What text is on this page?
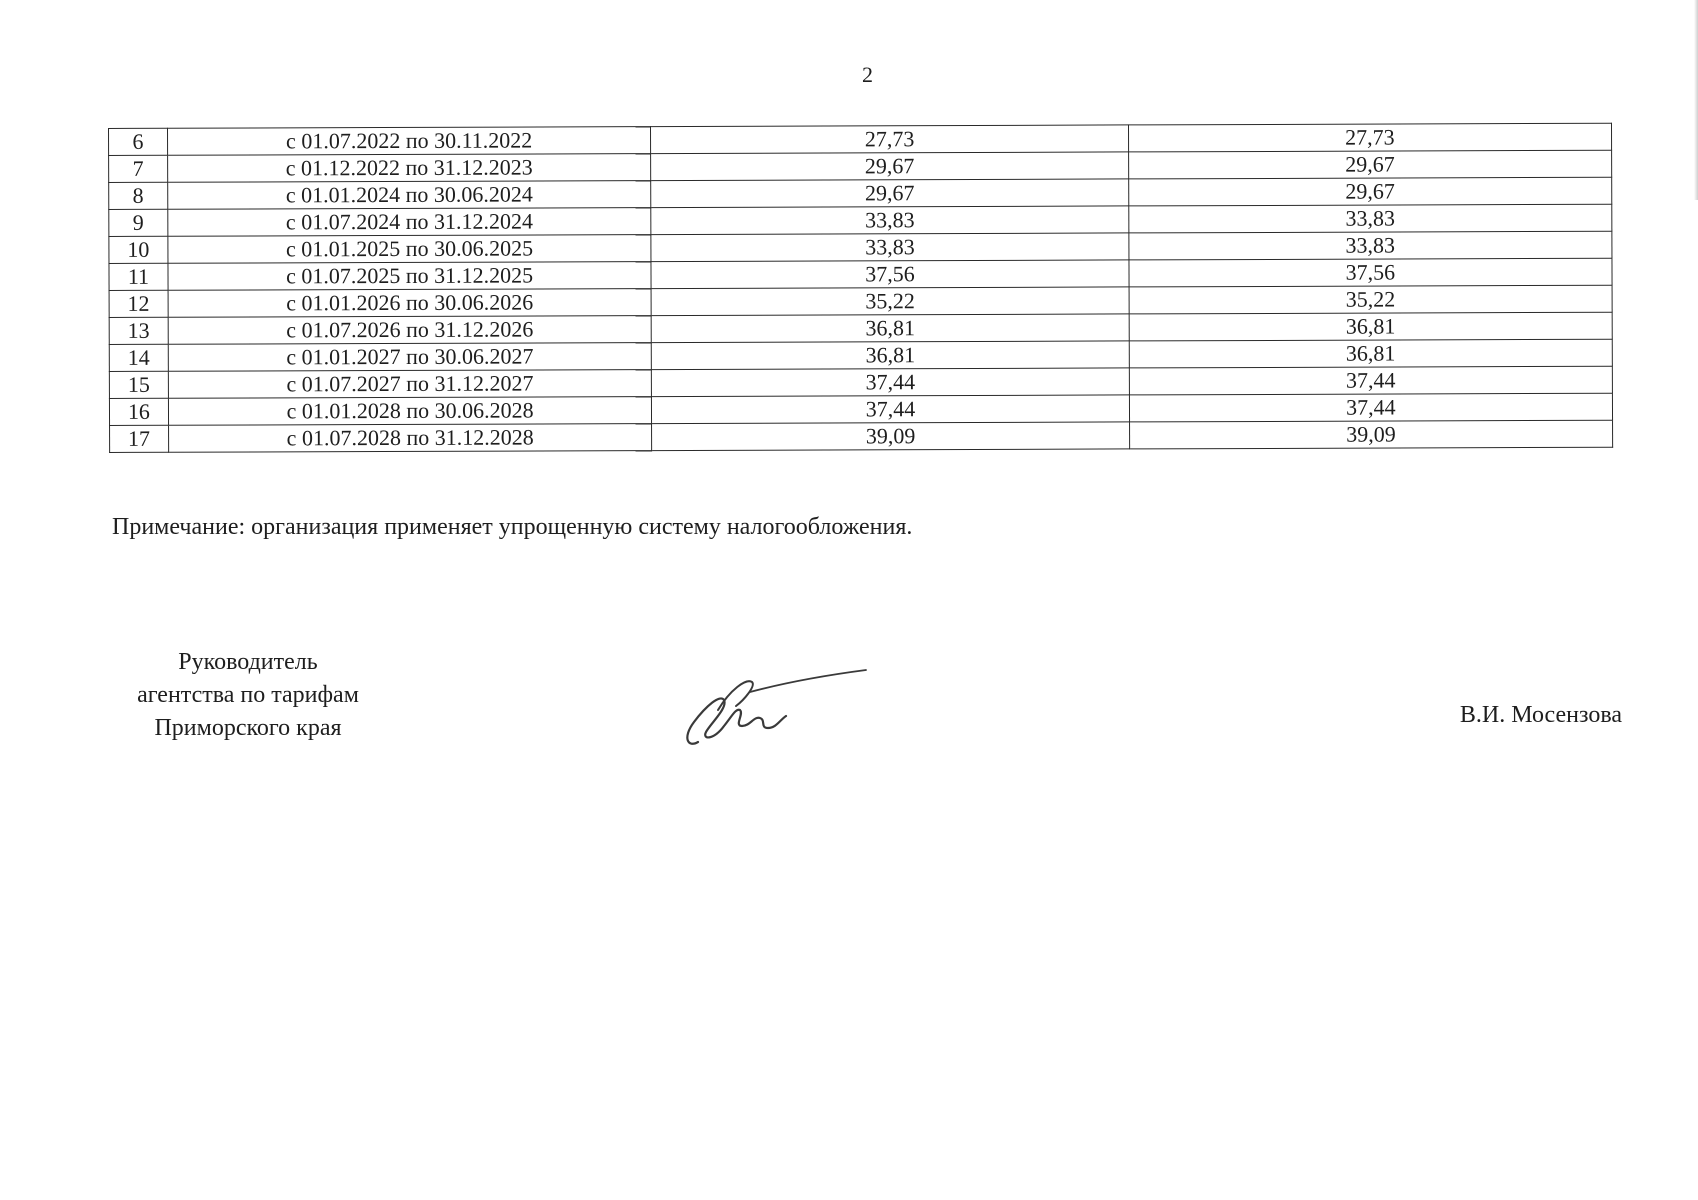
2
6	с 01.07.2022 по 30.11.2022	27,73	27,73
7	с 01.12.2022 по 31.12.2023	29,67	29,67
8	с 01.01.2024 по 30.06.2024	29,67	29,67
9	с 01.07.2024 по 31.12.2024	33,83	33,83
10	с 01.01.2025 по 30.06.2025	33,83	33,83
11	с 01.07.2025 по 31.12.2025	37,56	37,56
12	с 01.01.2026 по 30.06.2026	35,22	35,22
13	с 01.07.2026 по 31.12.2026	36,81	36,81
14	с 01.01.2027 по 30.06.2027	36,81	36,81
15	с 01.07.2027 по 31.12.2027	37,44	37,44
16	с 01.01.2028 по 30.06.2028	37,44	37,44
17	с 01.07.2028 по 31.12.2028	39,09	39,09
Примечание: организация применяет упрощенную систему налогообложения.
Руководитель
агентства по тарифам
Приморского края	В.И. Мосензова
